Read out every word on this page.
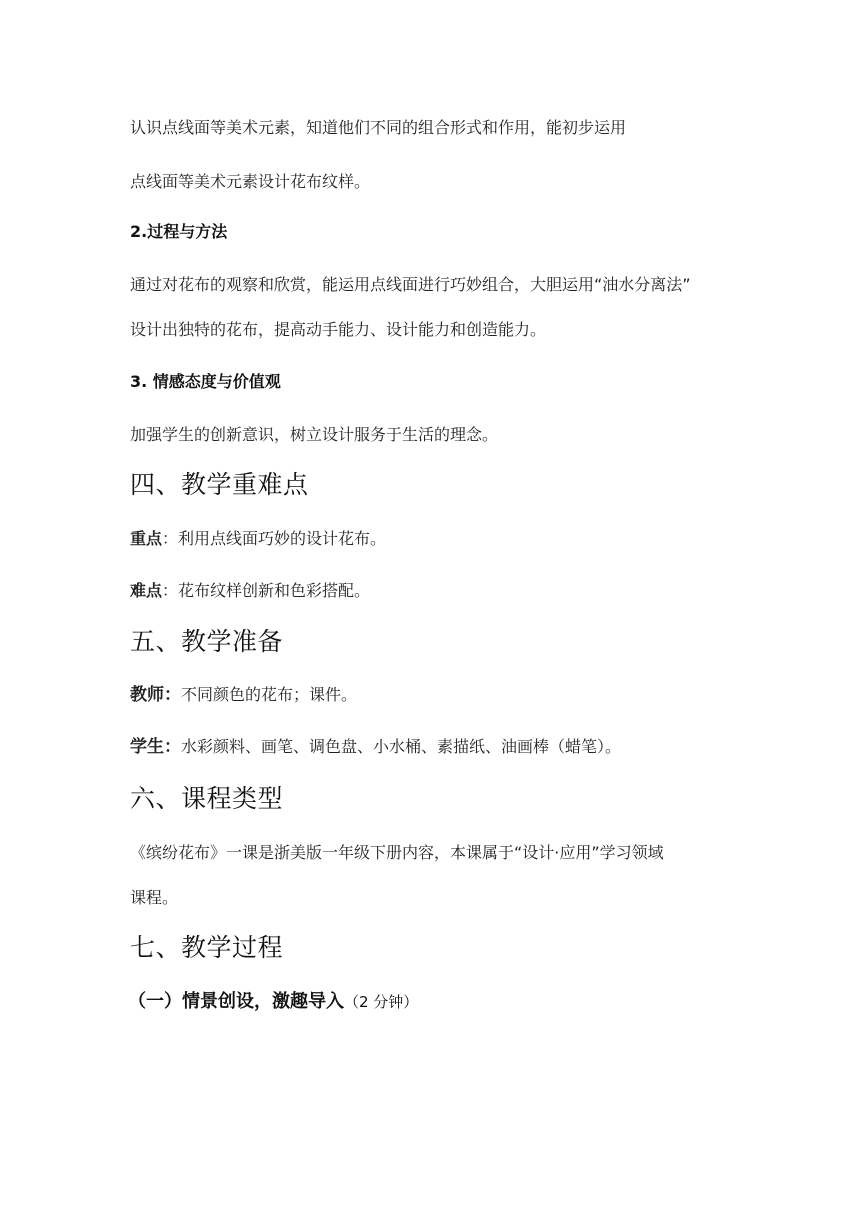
认识点线面等美术元素，知道他们不同的组合形式和作用，能初步运用
点线面等美术元素设计花布纹样。
2.过程与方法
通过对花布的观察和欣赏，能运用点线面进行巧妙组合，大胆运用“油水分离法”
设计出独特的花布，提高动手能力、设计能力和创造能力。
3. 情感态度与价值观
加强学生的创新意识，树立设计服务于生活的理念。
四、教学重难点
重点：利用点线面巧妙的设计花布。
难点：花布纹样创新和色彩搭配。
五、教学准备
教师：不同颜色的花布；课件。
学生：水彩颜料、画笔、调色盘、小水桶、素描纸、油画棒（蜡笔）。
六、课程类型
《缤纷花布》一课是浙美版一年级下册内容，本课属于“设计·应用”学习领域
课程。
七、教学过程
（一）情景创设，激趣导入（2 分钟）
